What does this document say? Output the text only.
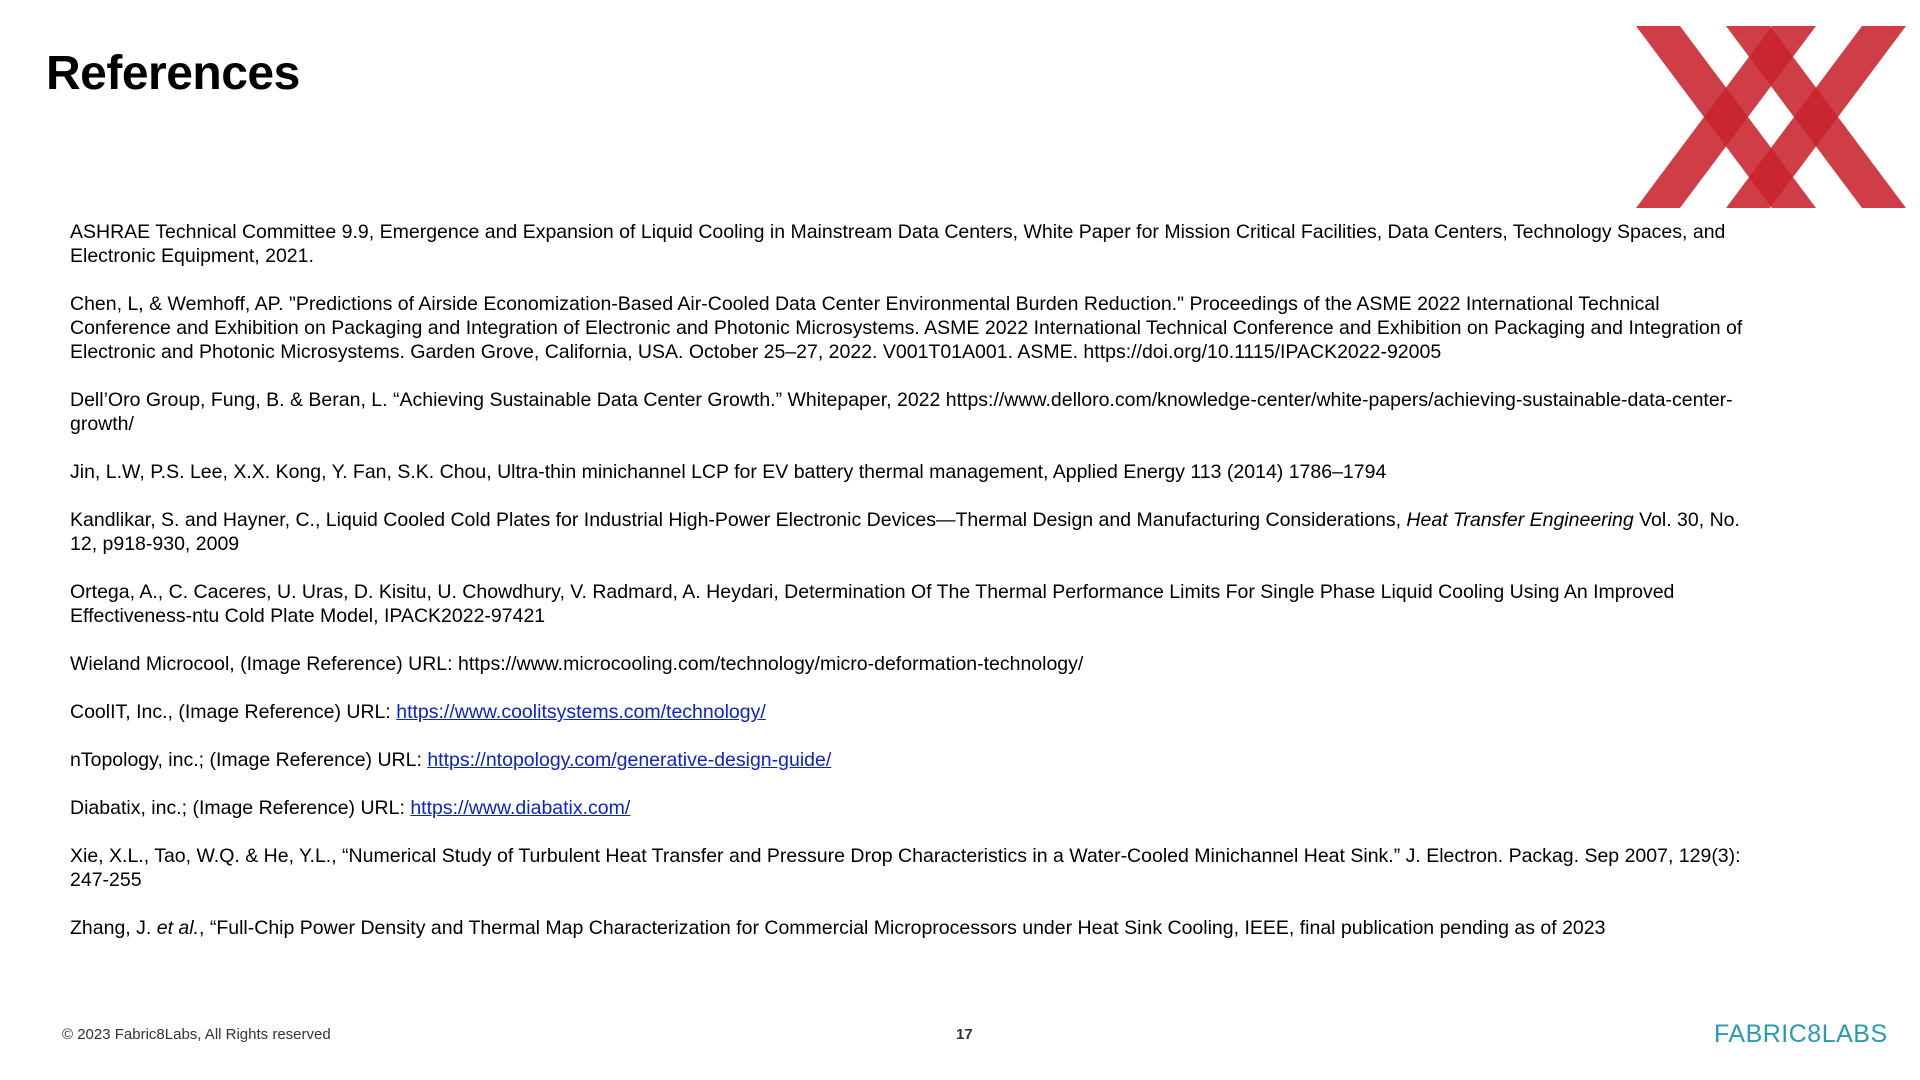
References

ASHRAE Technical Committee 9.9, Emergence and Expansion of Liquid Cooling in Mainstream Data Centers, White Paper for Mission Critical Facilities, Data Centers, Technology Spaces, and Electronic Equipment, 2021.

Chen, L, & Wemhoff, AP. "Predictions of Airside Economization-Based Air-Cooled Data Center Environmental Burden Reduction." Proceedings of the ASME 2022 International Technical Conference and Exhibition on Packaging and Integration of Electronic and Photonic Microsystems. ASME 2022 International Technical Conference and Exhibition on Packaging and Integration of Electronic and Photonic Microsystems. Garden Grove, California, USA. October 25–27, 2022. V001T01A001. ASME. https://doi.org/10.1115/IPACK2022-92005

Dell’Oro Group, Fung, B. & Beran, L. “Achieving Sustainable Data Center Growth.” Whitepaper, 2022 https://www.delloro.com/knowledge-center/white-papers/achieving-sustainable-data-center-growth/

Jin, L.W, P.S. Lee, X.X. Kong, Y. Fan, S.K. Chou, Ultra-thin minichannel LCP for EV battery thermal management, Applied Energy 113 (2014) 1786–1794

Kandlikar, S. and Hayner, C., Liquid Cooled Cold Plates for Industrial High-Power Electronic Devices—Thermal Design and Manufacturing Considerations, Heat Transfer Engineering Vol. 30, No. 12, p918-930, 2009

Ortega, A., C. Caceres, U. Uras, D. Kisitu, U. Chowdhury, V. Radmard, A. Heydari, Determination Of The Thermal Performance Limits For Single Phase Liquid Cooling Using An Improved Effectiveness-ntu Cold Plate Model, IPACK2022-97421

Wieland Microcool, (Image Reference) URL: https://www.microcooling.com/technology/micro-deformation-technology/

CoolIT, Inc., (Image Reference) URL: https://www.coolitsystems.com/technology/

nTopology, inc.; (Image Reference) URL: https://ntopology.com/generative-design-guide/

Diabatix, inc.; (Image Reference) URL: https://www.diabatix.com/

Xie, X.L., Tao, W.Q. & He, Y.L., “Numerical Study of Turbulent Heat Transfer and Pressure Drop Characteristics in a Water-Cooled Minichannel Heat Sink.” J. Electron. Packag. Sep 2007, 129(3): 247-255

Zhang, J. et al., “Full-Chip Power Density and Thermal Map Characterization for Commercial Microprocessors under Heat Sink Cooling, IEEE, final publication pending as of 2023

© 2023 Fabric8Labs, All Rights reserved	17	FABRIC8LABS
